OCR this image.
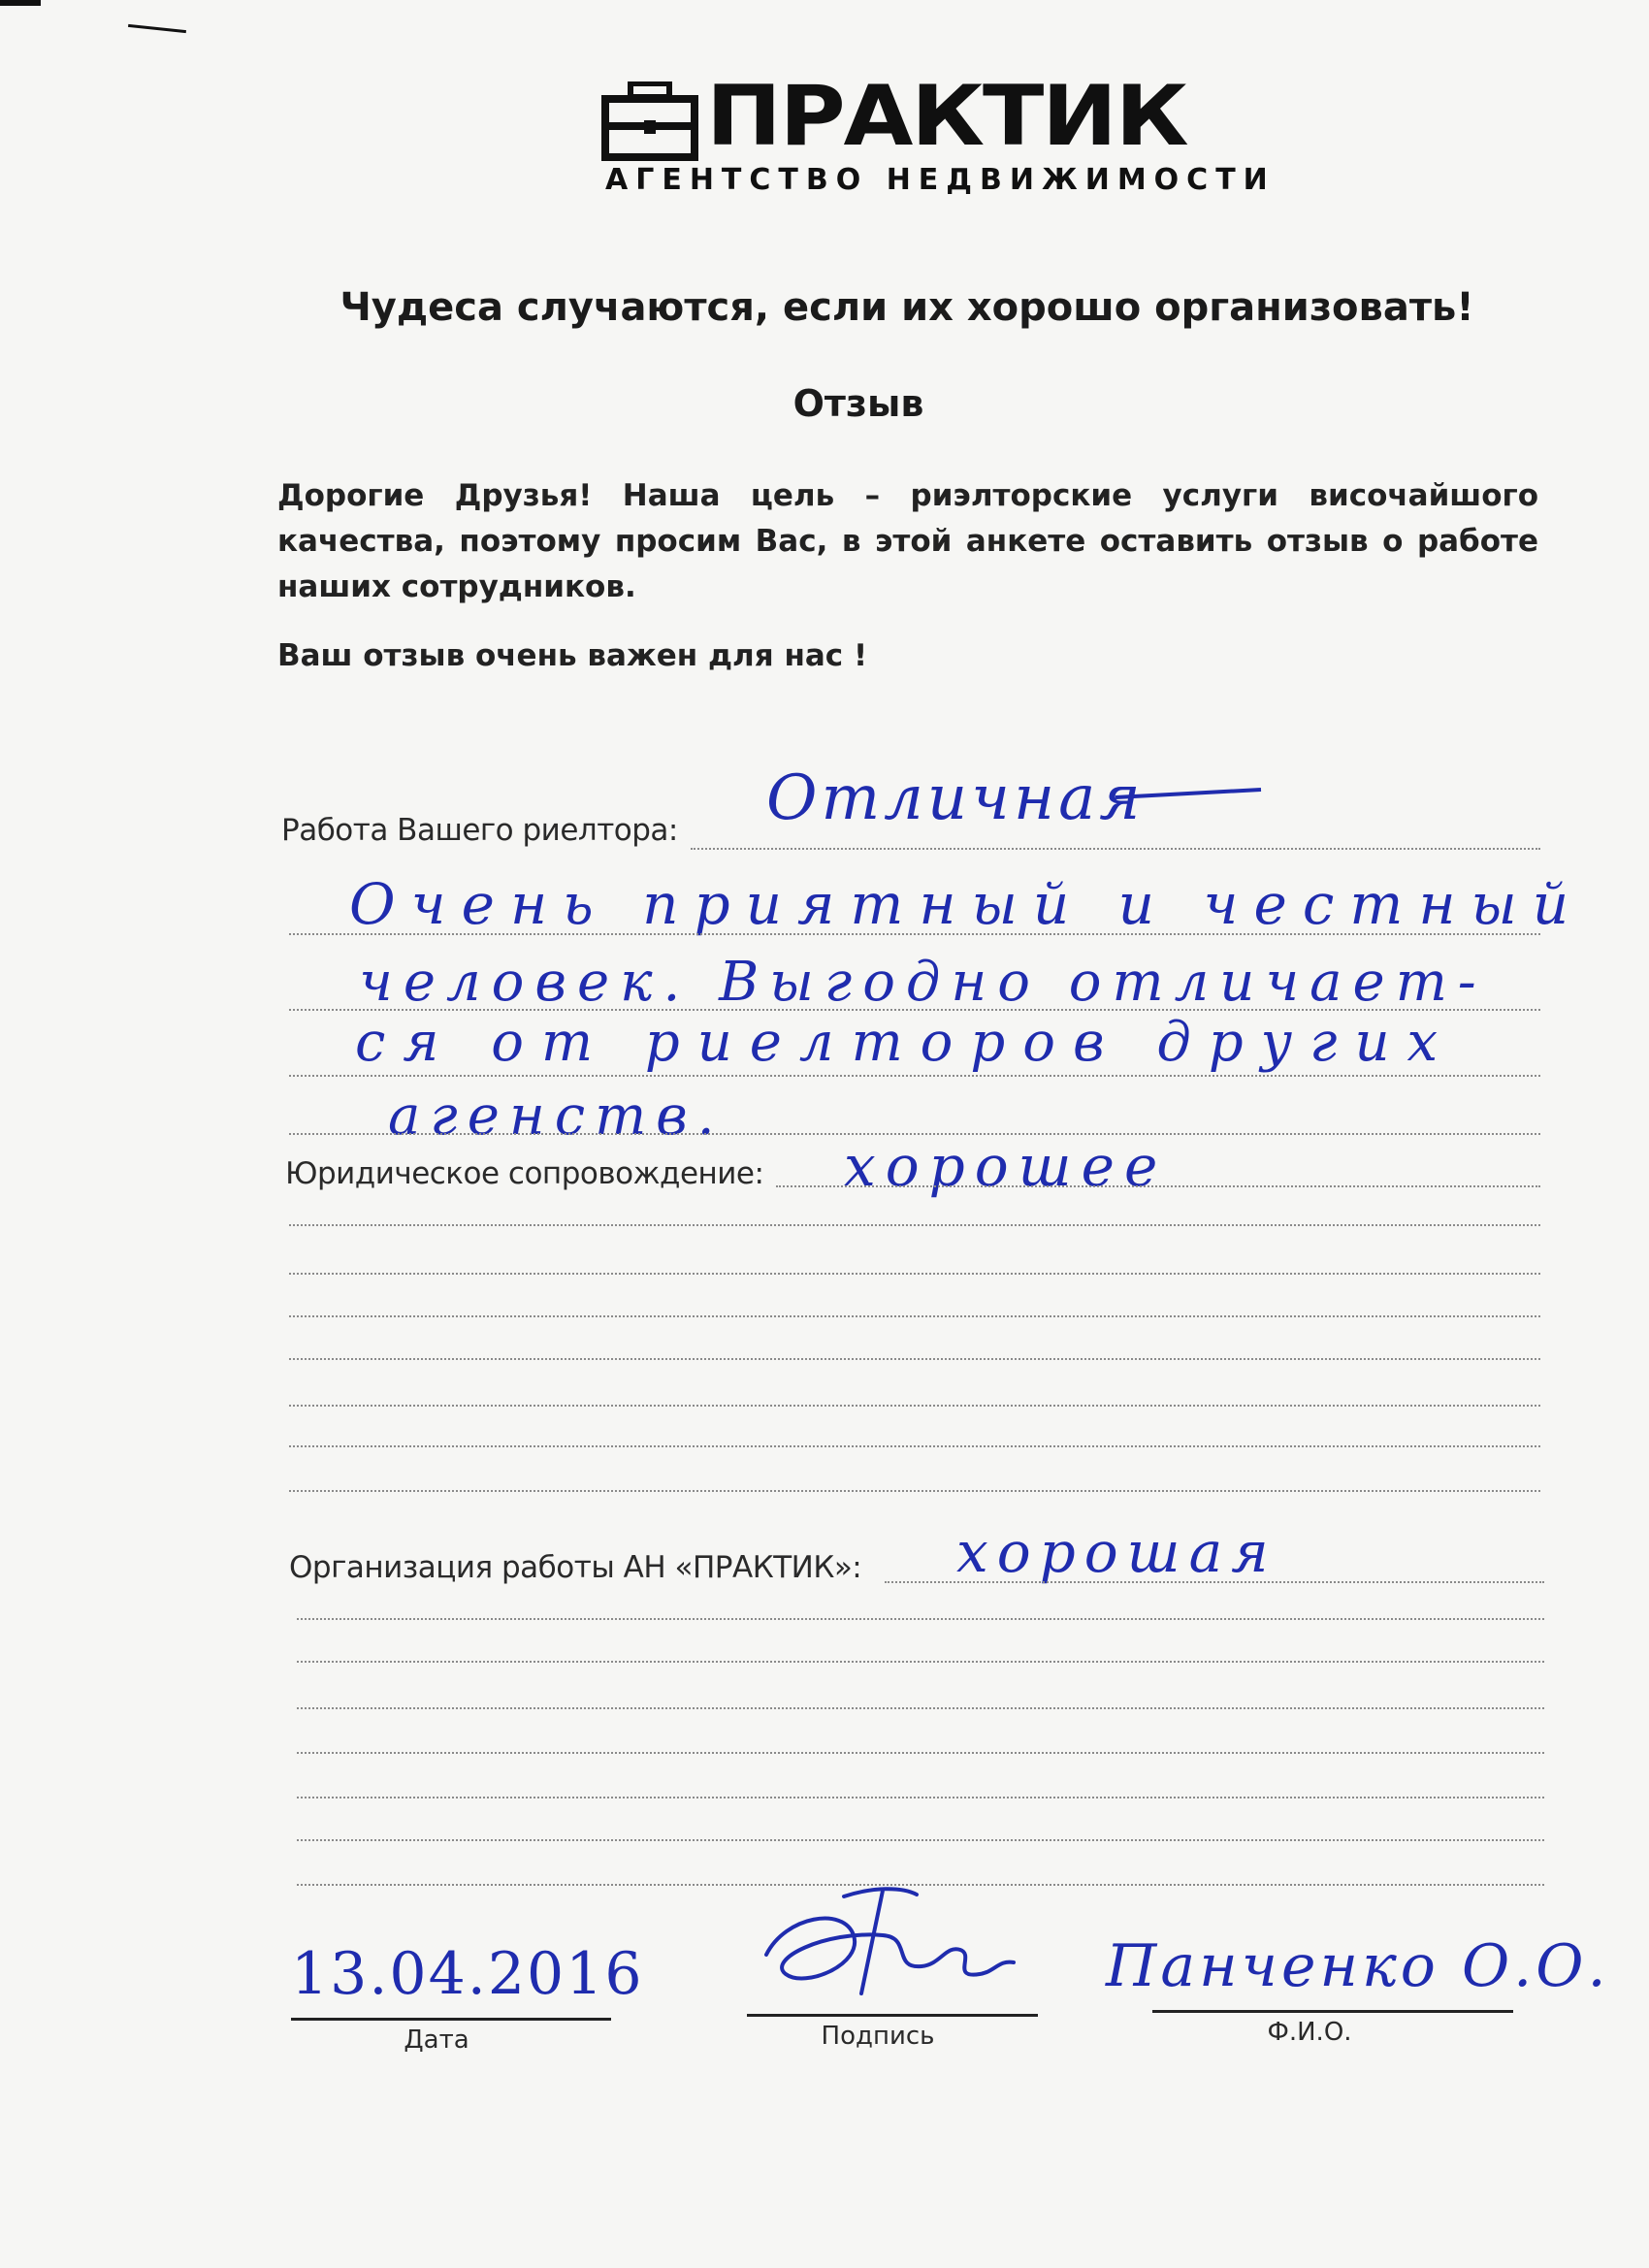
ПРАКТИК
АГЕНТСТВО НЕДВИЖИМОСТИ
Чудеса случаются, если их хорошо организовать!
Отзыв
Дорогие Друзья! Наша цель – риэлторские услуги височайшого качества, поэтому просим Вас, в этой анкете оставить отзыв о работе наших сотрудников.
Ваш отзыв очень важен для нас !
Работа Вашего риелтора: Отличная
Очень приятный и честный
человек. Выгодно отличает-
ся от риелторов других
агенств.
Юридическое сопровождение: хорошее
Организация работы АН «ПРАКТИК»: хорошая
13.04.2016
Дата	Подпись
Панченко О.О.
Ф.И.О.
